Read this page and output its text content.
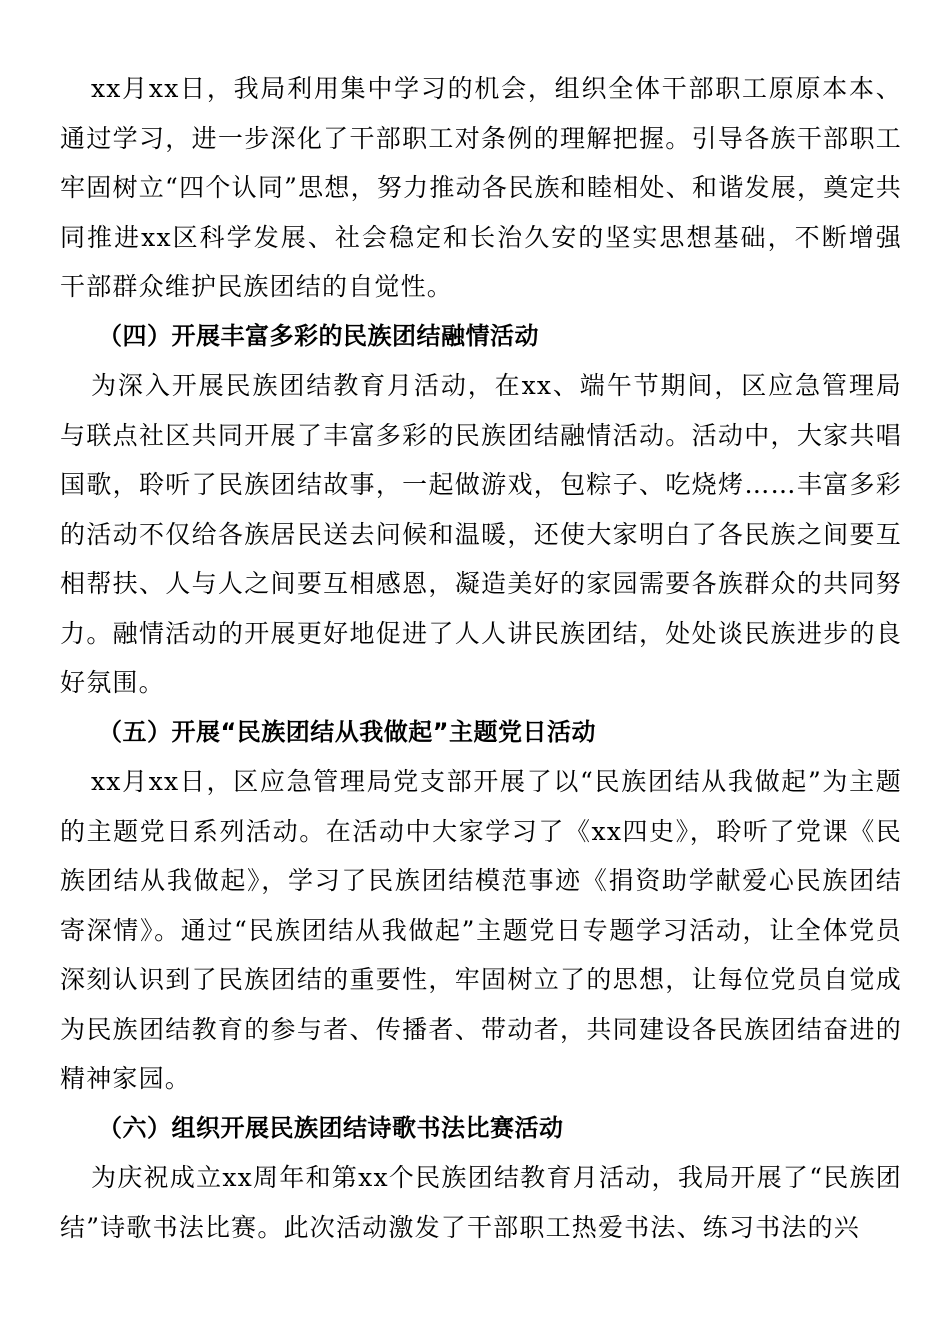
xx月xx日，我局利用集中学习的机会，组织全体干部职工原原本本、通过学习，进一步深化了干部职工对条例的理解把握。引导各族干部职工牢固树立“四个认同”思想，努力推动各民族和睦相处、和谐发展，奠定共同推进xx区科学发展、社会稳定和长治久安的坚实思想基础，不断增强干部群众维护民族团结的自觉性。

（四）开展丰富多彩的民族团结融情活动

为深入开展民族团结教育月活动，在xx、端午节期间，区应急管理局与联点社区共同开展了丰富多彩的民族团结融情活动。活动中，大家共唱国歌，聆听了民族团结故事，一起做游戏，包粽子、吃烧烤……丰富多彩的活动不仅给各族居民送去问候和温暖，还使大家明白了各民族之间要互相帮扶、人与人之间要互相感恩，凝造美好的家园需要各族群众的共同努力。融情活动的开展更好地促进了人人讲民族团结，处处谈民族进步的良好氛围。

（五）开展“民族团结从我做起”主题党日活动

xx月xx日，区应急管理局党支部开展了以“民族团结从我做起”为主题的主题党日系列活动。在活动中大家学习了《xx四史》，聆听了党课《民族团结从我做起》，学习了民族团结模范事迹《捐资助学献爱心民族团结寄深情》。通过“民族团结从我做起”主题党日专题学习活动，让全体党员深刻认识到了民族团结的重要性，牢固树立了的思想，让每位党员自觉成为民族团结教育的参与者、传播者、带动者，共同建设各民族团结奋进的精神家园。

（六）组织开展民族团结诗歌书法比赛活动

为庆祝成立xx周年和第xx个民族团结教育月活动，我局开展了“民族团结”诗歌书法比赛。此次活动激发了干部职工热爱书法、练习书法的兴
